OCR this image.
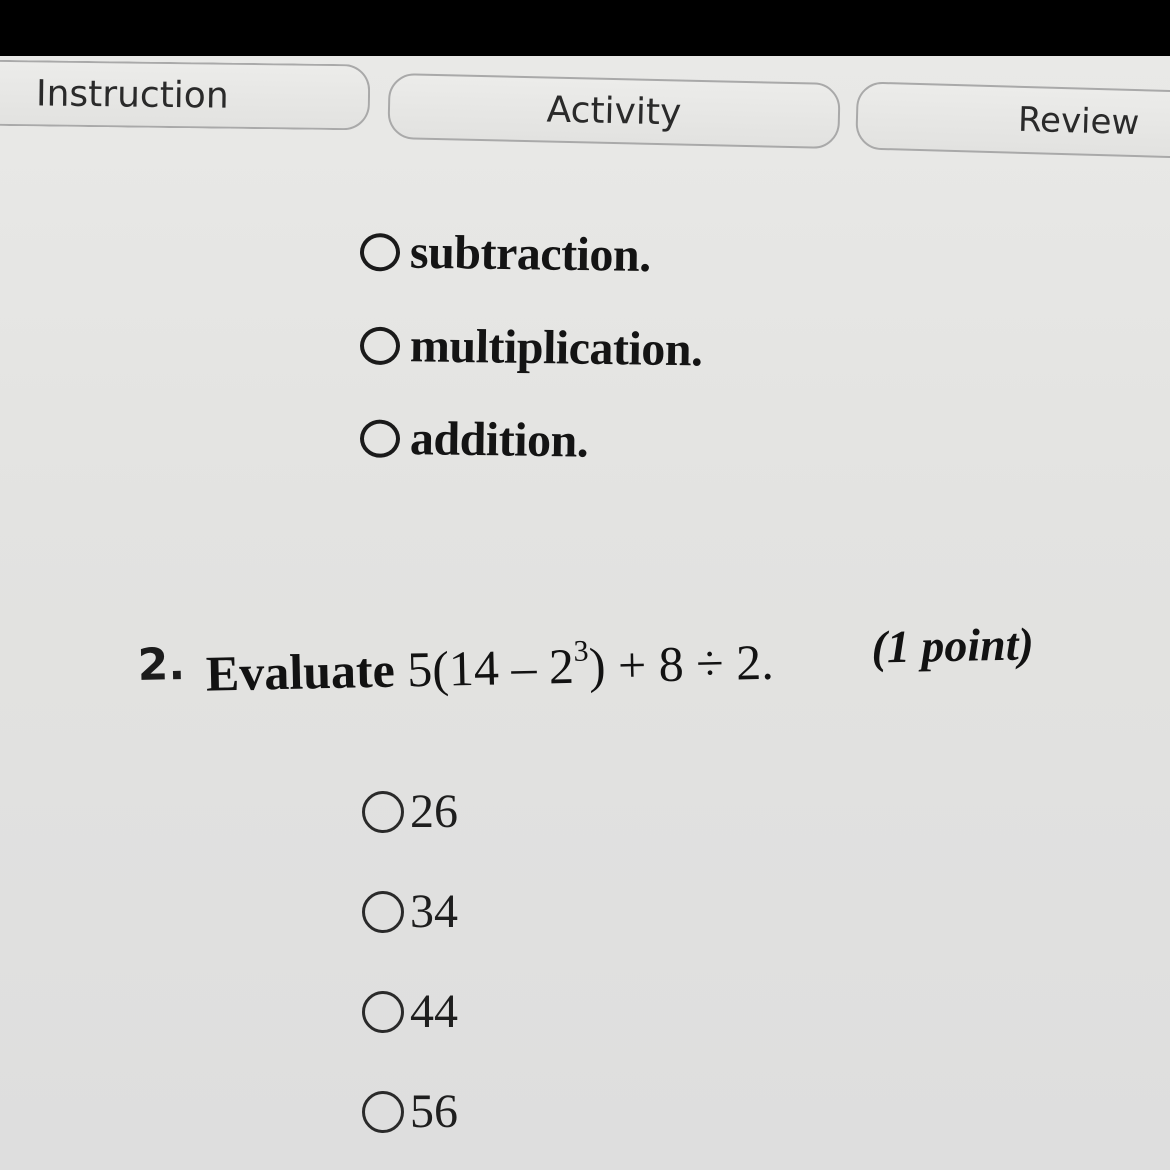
Instruction	Activity	Review
subtraction.
multiplication.
addition.
2. Evaluate $5(14 - 2^3) + 8 \div 2$. (1 point)
26
34
44
56
